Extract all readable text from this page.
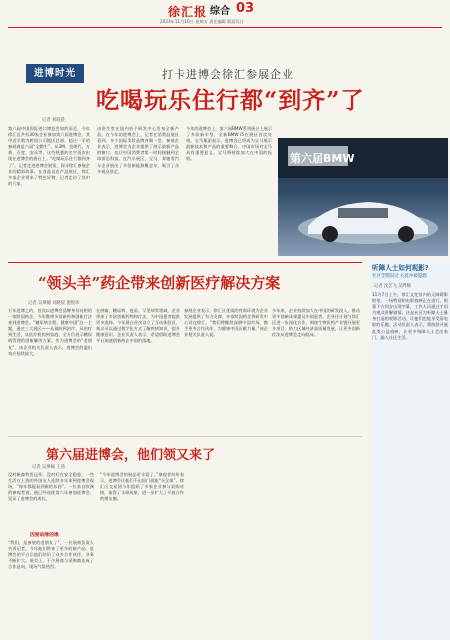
徐汇报 综合 03
2023年11月10日 星期五 责任编辑 版面设计
进博时光	打卡进博会徐汇参展企业
吃喝玩乐住行都“到齐”了
记者 刘晓晨
第六届中国国际进口博览会如约而至，今年徐汇区共有30家企业参加第六届进博会，其中近半数为跨国公司地区总部，超过一半的参展商是六届“全勤生”。从3M、克朗代、万豪、百度、安永等，这些熟悉的名字再次出现在进博会的展台上。“吃喝玩乐住行都到齐了”，记者走进进博会展馆，探寻徐汇参展企业的精彩故事。在食品及农产品展区，徐汇多家企业带来了特色好物，记者走访了其中的几家。
由资生堂在国内首个研发中心发布全新产品，在今年的进博会上，记者在消费品展区看到，多个国际美妆品牌齐聚一堂。参展企业表示，进博会为企业提供了展示最新产品的窗口，也让中国消费者第一时间接触到全球前沿科技。在汽车展区，宝马、奔驰等汽车企业展出了多款新能源概念车，吸引了众多观众驻足。
今年的进博会上，第六届BMW系列展台上展示了多款新车型，全新BMW i5在展区首次亮相。宝马集团表示，进博会已经成为宝马展示最新技术和产品的重要舞台，中国市场对宝马具有重要意义，宝马将持续加大在中国的投资。	第六届BMW
“领头羊”药企带来创新医疗解决方案
记者 吴燁楠 刘晓晨 施悦玮
五年进博之约，首次以进博会品牌身份亮相的一家跨国药企，今年携带多款新药和创新疗法来到进博会。“糖尿病全程、健康中国”这一主题，通过三大展区——从预防到治疗、从治疗到生活，从医疗机构到家庭，全方位展示糖尿病管理的创新解决方案。作为进博会的“老朋友”，该企业相关负责人表示，进博会的溢出效应持续放大。
在肿瘤、糖尿病、疫苗、罕见病等领域，企业带来了多款创新药物和疗法，为中国患者提供更多选择。今年展台首次设立了互动体验区，观众可以通过数字化方式了解疾病知识，提升健康意识。企业负责人表示，希望借助进博会平台加速创新药在中国的落地。
参展企业表示，徐汇区优质的营商环境为企业发展提供了有力支撑，多家跨国药企将研发中心设在徐汇。“我们将继续深耕中国市场，携手更多合作伙伴，为健康中国贡献力量。”该企业相关负责人说。
多年来，企业持续加大在中国的研发投入，推动更多创新成果惠及中国患者。企业还计划与徐汇区进一步深化合作，围绕生物医药产业链开展更多项目，助力区域经济高质量发展，让更多创新疗法从进博会走向临床。
第六届进博会，他们领又来了
记者 吴燁楠 王茜
没村帆森特发运作，没村后在安全隐患，一些生活在上海的外国友人连续多年来到进博会现场，“每年都能看到新的东西”。一位来自欧洲的参观者说，他已经连续第六年参加进博会，见证了进博会的成长。
因爱故缘的缘
“我们，是参展的老朋友了”，一位展商负责人告诉记者，今年他们带来了更多的新产品。进博会的平台让他们结识了众多合作伙伴，业务不断扩大。展会上，不少展商与采购商达成了合作意向，现场气氛热烈。
“今年进博会的展品更丰富了。”参观者纷纷表示，进博会让他们不出国门就能“买全球”。徐汇区交易团今年组织了多家企业参与采购对接，取得了丰硕成果，进一步扩大了开放合作的朋友圈。
听障人士如何观影?
社区型影院让关爱冲破隐默
记者 沈艺飞 吴晔顺
11月7日上午，徐汇文化馆内的无障碍影院里，一场特别的电影放映正在进行。银幕下方同步出现字幕，工作人员通过手语为观众讲解剧情。这是社区为听障人士量身打造的观影活动，让他们也能享受看电影的乐趣。活动负责人表示，将持续开展此类公益放映，让更多残障人士走出家门，融入社区生活。
